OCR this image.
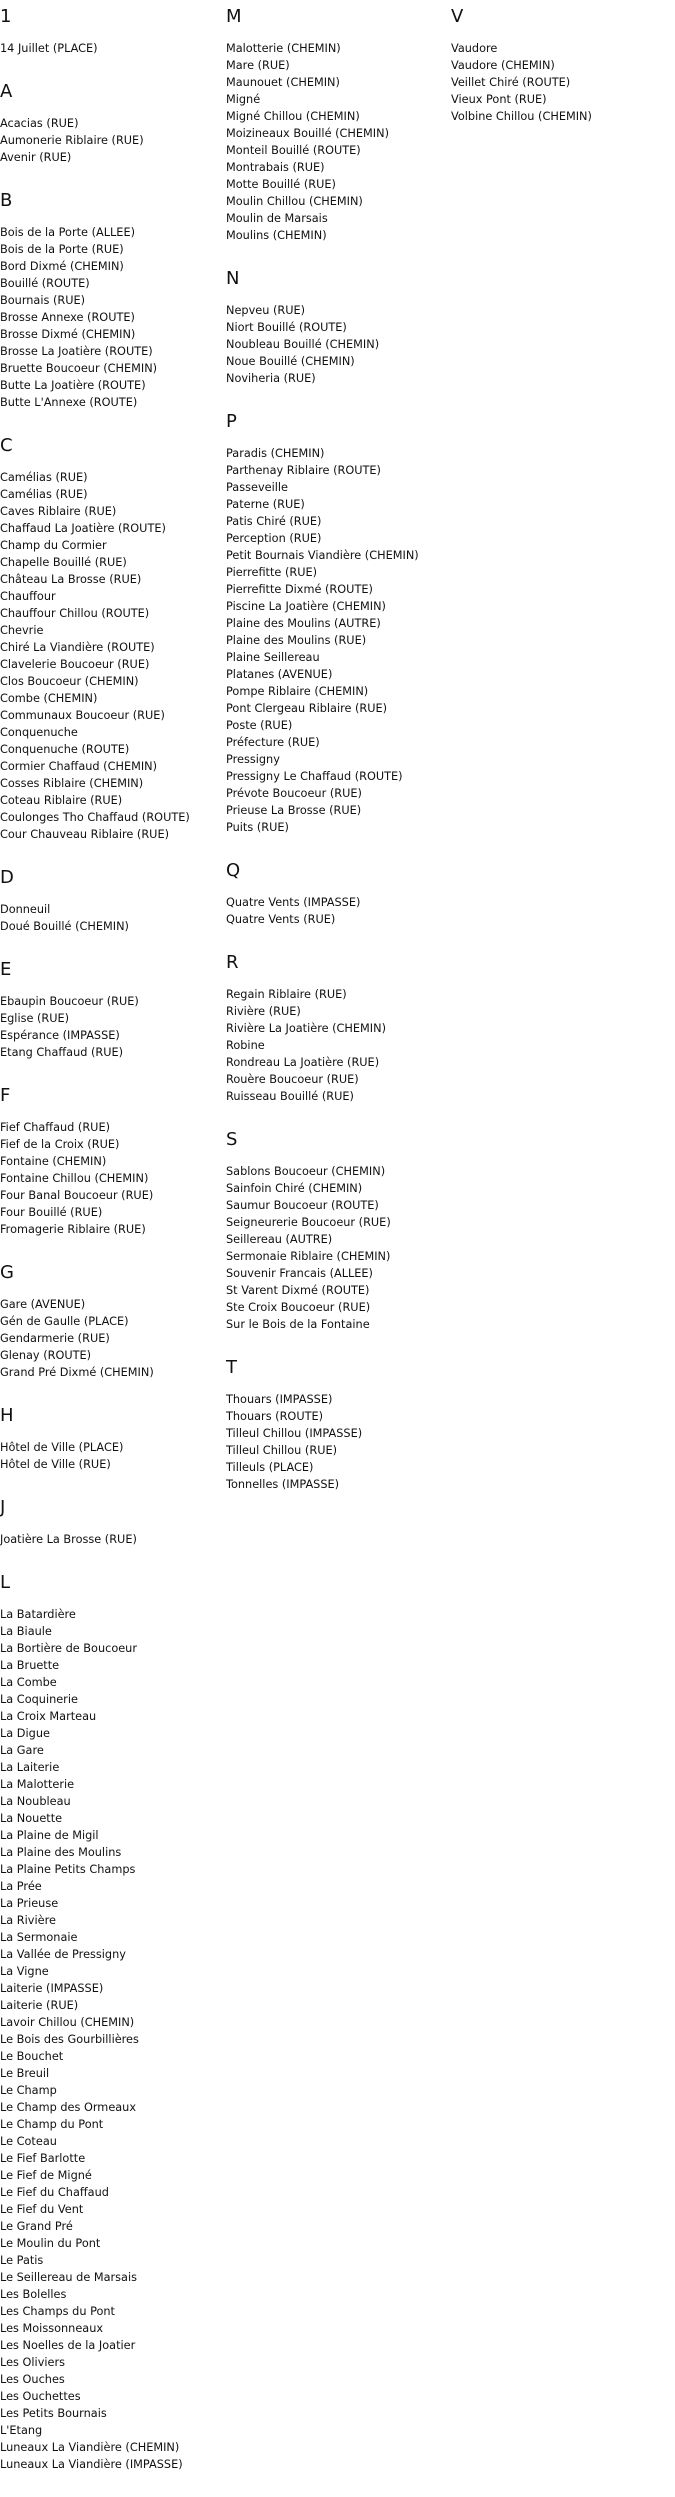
1
14 Juillet (PLACE)
A
Acacias (RUE)
Aumonerie Riblaire (RUE)
Avenir (RUE)
B
Bois de la Porte (ALLEE)
Bois de la Porte (RUE)
Bord Dixmé (CHEMIN)
Bouillé (ROUTE)
Bournais (RUE)
Brosse Annexe (ROUTE)
Brosse Dixmé (CHEMIN)
Brosse La Joatière (ROUTE)
Bruette Boucoeur (CHEMIN)
Butte La Joatière (ROUTE)
Butte L'Annexe (ROUTE)
C
Camélias (RUE)
Camélias (RUE)
Caves Riblaire (RUE)
Chaffaud La Joatière (ROUTE)
Champ du Cormier
Chapelle Bouillé (RUE)
Château La Brosse (RUE)
Chauffour
Chauffour Chillou (ROUTE)
Chevrie
Chiré La Viandière (ROUTE)
Clavelerie Boucoeur (RUE)
Clos Boucoeur (CHEMIN)
Combe (CHEMIN)
Communaux Boucoeur (RUE)
Conquenuche
Conquenuche (ROUTE)
Cormier Chaffaud (CHEMIN)
Cosses Riblaire (CHEMIN)
Coteau Riblaire (RUE)
Coulonges Tho Chaffaud (ROUTE)
Cour Chauveau Riblaire (RUE)
D
Donneuil
Doué Bouillé (CHEMIN)
E
Ebaupin Boucoeur (RUE)
Eglise (RUE)
Espérance (IMPASSE)
Etang Chaffaud (RUE)
F
Fief Chaffaud (RUE)
Fief de la Croix (RUE)
Fontaine (CHEMIN)
Fontaine Chillou (CHEMIN)
Four Banal Boucoeur (RUE)
Four Bouillé (RUE)
Fromagerie Riblaire (RUE)
G
Gare (AVENUE)
Gén de Gaulle (PLACE)
Gendarmerie (RUE)
Glenay (ROUTE)
Grand Pré Dixmé (CHEMIN)
H
Hôtel de Ville (PLACE)
Hôtel de Ville (RUE)
J
Joatière La Brosse (RUE)
L
La Batardière
La Biaule
La Bortière de Boucoeur
La Bruette
La Combe
La Coquinerie
La Croix Marteau
La Digue
La Gare
La Laiterie
La Malotterie
La Noubleau
La Nouette
La Plaine de Migil
La Plaine des Moulins
La Plaine Petits Champs
La Prée
La Prieuse
La Rivière
La Sermonaie
La Vallée de Pressigny
La Vigne
Laiterie (IMPASSE)
Laiterie (RUE)
Lavoir Chillou (CHEMIN)
Le Bois des Gourbillières
Le Bouchet
Le Breuil
Le Champ
Le Champ des Ormeaux
Le Champ du Pont
Le Coteau
Le Fief Barlotte
Le Fief de Migné
Le Fief du Chaffaud
Le Fief du Vent
Le Grand Pré
Le Moulin du Pont
Le Patis
Le Seillereau de Marsais
Les Bolelles
Les Champs du Pont
Les Moissonneaux
Les Noelles de la Joatier
Les Oliviers
Les Ouches
Les Ouchettes
Les Petits Bournais
L'Etang
Luneaux La Viandière (CHEMIN)
Luneaux La Viandière (IMPASSE)
M
Malotterie (CHEMIN)
Mare (RUE)
Maunouet (CHEMIN)
Migné
Migné Chillou (CHEMIN)
Moizineaux Bouillé (CHEMIN)
Monteil Bouillé (ROUTE)
Montrabais (RUE)
Motte Bouillé (RUE)
Moulin Chillou (CHEMIN)
Moulin de Marsais
Moulins (CHEMIN)
N
Nepveu (RUE)
Niort Bouillé (ROUTE)
Noubleau Bouillé (CHEMIN)
Noue Bouillé (CHEMIN)
Noviheria (RUE)
P
Paradis (CHEMIN)
Parthenay Riblaire (ROUTE)
Passeveille
Paterne (RUE)
Patis Chiré (RUE)
Perception (RUE)
Petit Bournais Viandière (CHEMIN)
Pierrefitte (RUE)
Pierrefitte Dixmé (ROUTE)
Piscine La Joatière (CHEMIN)
Plaine des Moulins (AUTRE)
Plaine des Moulins (RUE)
Plaine Seillereau
Platanes (AVENUE)
Pompe Riblaire (CHEMIN)
Pont Clergeau Riblaire (RUE)
Poste (RUE)
Préfecture (RUE)
Pressigny
Pressigny Le Chaffaud (ROUTE)
Prévote Boucoeur (RUE)
Prieuse La Brosse (RUE)
Puits (RUE)
Q
Quatre Vents (IMPASSE)
Quatre Vents (RUE)
R
Regain Riblaire (RUE)
Rivière (RUE)
Rivière La Joatière (CHEMIN)
Robine
Rondreau La Joatière (RUE)
Rouère Boucoeur (RUE)
Ruisseau Bouillé (RUE)
S
Sablons Boucoeur (CHEMIN)
Sainfoin Chiré (CHEMIN)
Saumur Boucoeur (ROUTE)
Seigneurerie Boucoeur (RUE)
Seillereau (AUTRE)
Sermonaie Riblaire (CHEMIN)
Souvenir Francais (ALLEE)
St Varent Dixmé (ROUTE)
Ste Croix Boucoeur (RUE)
Sur le Bois de la Fontaine
T
Thouars (IMPASSE)
Thouars (ROUTE)
Tilleul Chillou (IMPASSE)
Tilleul Chillou (RUE)
Tilleuls (PLACE)
Tonnelles (IMPASSE)
V
Vaudore
Vaudore (CHEMIN)
Veillet Chiré (ROUTE)
Vieux Pont (RUE)
Volbine Chillou (CHEMIN)
